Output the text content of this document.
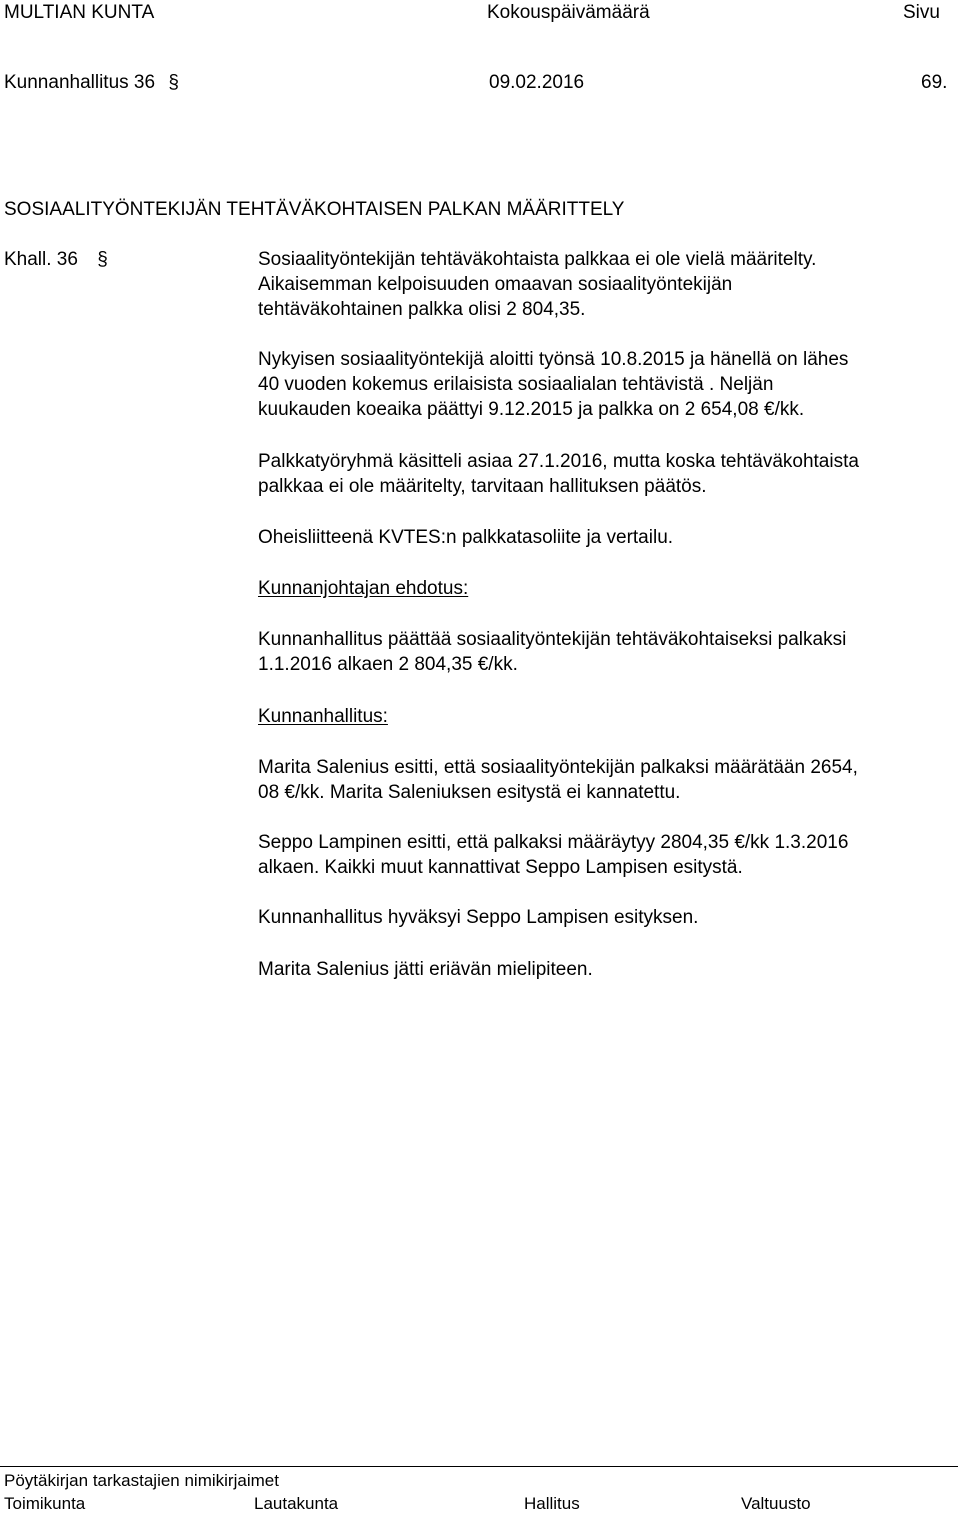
MULTIAN KUNTA	Kokouspäivämäärä	Sivu
Kunnanhallitus 36 §	09.02.2016	69.
SOSIAALITYÖNTEKIJÄN TEHTÄVÄKOHTAISEN PALKAN MÄÄRITTELY
Khall. 36 §	Sosiaalityöntekijän tehtäväkohtaista palkkaa ei ole vielä määritelty.
Aikaisemman kelpoisuuden omaavan sosiaalityöntekijän
tehtäväkohtainen palkka olisi 2 804,35.
Nykyisen sosiaalityöntekijä aloitti työnsä 10.8.2015 ja hänellä on lähes
40 vuoden kokemus erilaisista sosiaalialan tehtävistä . Neljän
kuukauden koeaika päättyi 9.12.2015 ja palkka on 2 654,08 €/kk.
Palkkatyöryhmä käsitteli asiaa 27.1.2016, mutta koska tehtäväkohtaista
palkkaa ei ole määritelty, tarvitaan hallituksen päätös.
Oheisliitteenä KVTES:n palkkatasoliite ja vertailu.
Kunnanjohtajan ehdotus:
Kunnanhallitus päättää sosiaalityöntekijän tehtäväkohtaiseksi palkaksi
1.1.2016 alkaen 2 804,35 €/kk.
Kunnanhallitus:
Marita Salenius esitti, että sosiaalityöntekijän palkaksi määrätään 2654,
08 €/kk. Marita Saleniuksen esitystä ei kannatettu.
Seppo Lampinen esitti, että palkaksi määräytyy 2804,35 €/kk 1.3.2016
alkaen. Kaikki muut kannattivat Seppo Lampisen esitystä.
Kunnanhallitus hyväksyi Seppo Lampisen esityksen.
Marita Salenius jätti eriävän mielipiteen.
Pöytäkirjan tarkastajien nimikirjaimet
Toimikunta	Lautakunta	Hallitus	Valtuusto
